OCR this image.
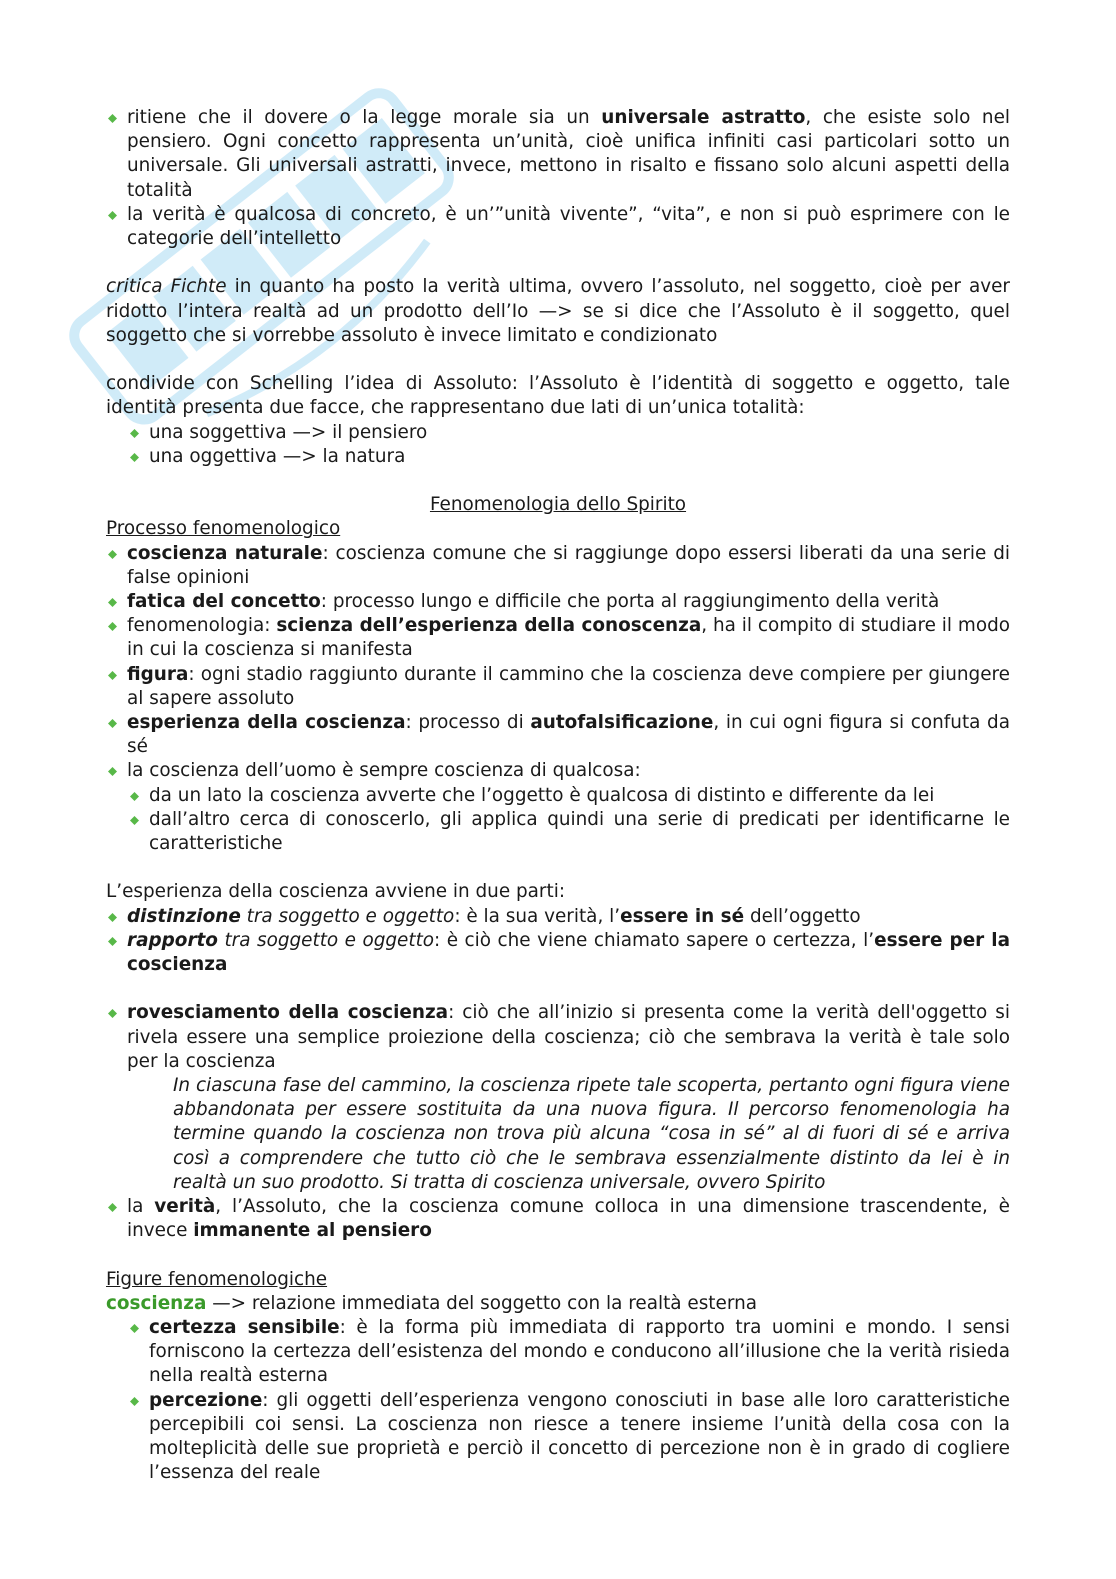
ritiene che il dovere o la legge morale sia un universale astratto, che esiste solo nel pensiero. Ogni concetto rappresenta un’unità, cioè unifica infiniti casi particolari sotto un universale. Gli universali astratti, invece, mettono in risalto e fissano solo alcuni aspetti della totalità
la verità è qualcosa di concreto, è un’”unità vivente”, “vita”, e non si può esprimere con le categorie dell’intelletto

critica Fichte in quanto ha posto la verità ultima, ovvero l’assoluto, nel soggetto, cioè per aver ridotto l’intera realtà ad un prodotto dell’Io —> se si dice che l’Assoluto è il soggetto, quel soggetto che si vorrebbe assoluto è invece limitato e condizionato

condivide con Schelling l’idea di Assoluto: l’Assoluto è l’identità di soggetto e oggetto, tale identità presenta due facce, che rappresentano due lati di un’unica totalità:

una soggettiva —> il pensiero
una oggettiva —> la natura

Fenomenologia dello Spirito

Processo fenomenologico

coscienza naturale: coscienza comune che si raggiunge dopo essersi liberati da una serie di false opinioni
fatica del concetto: processo lungo e difficile che porta al raggiungimento della verità
fenomenologia: scienza dell’esperienza della conoscenza, ha il compito di studiare il modo in cui la coscienza si manifesta
figura: ogni stadio raggiunto durante il cammino che la coscienza deve compiere per giungere al sapere assoluto
esperienza della coscienza: processo di autofalsificazione, in cui ogni figura si confuta da sé
la coscienza dell’uomo è sempre coscienza di qualcosa:
da un lato la coscienza avverte che l’oggetto è qualcosa di distinto e differente da lei
dall’altro cerca di conoscerlo, gli applica quindi una serie di predicati per identificarne le caratteristiche

L’esperienza della coscienza avviene in due parti:

distinzione tra soggetto e oggetto: è la sua verità, l’essere in sé dell’oggetto
rapporto tra soggetto e oggetto: è ciò che viene chiamato sapere o certezza, l’essere per la coscienza
rovesciamento della coscienza: ciò che all’inizio si presenta come la verità dell'oggetto si rivela essere una semplice proiezione della coscienza; ciò che sembrava la verità è tale solo per la coscienza

In ciascuna fase del cammino, la coscienza ripete tale scoperta, pertanto ogni figura viene abbandonata per essere sostituita da una nuova figura. Il percorso fenomenologia ha termine quando la coscienza non trova più alcuna “cosa in sé” al di fuori di sé e arriva così a comprendere che tutto ciò che le sembrava essenzialmente distinto da lei è in realtà un suo prodotto. Si tratta di coscienza universale, ovvero Spirito

la verità, l’Assoluto, che la coscienza comune colloca in una dimensione trascendente, è invece immanente al pensiero

Figure fenomenologiche

coscienza —> relazione immediata del soggetto con la realtà esterna

certezza sensibile: è la forma più immediata di rapporto tra uomini e mondo. I sensi forniscono la certezza dell’esistenza del mondo e conducono all’illusione che la verità risieda nella realtà esterna
percezione: gli oggetti dell’esperienza vengono conosciuti in base alle loro caratteristiche percepibili coi sensi. La coscienza non riesce a tenere insieme l’unità della cosa con la molteplicità delle sue proprietà e perciò il concetto di percezione non è in grado di cogliere l’essenza del reale
